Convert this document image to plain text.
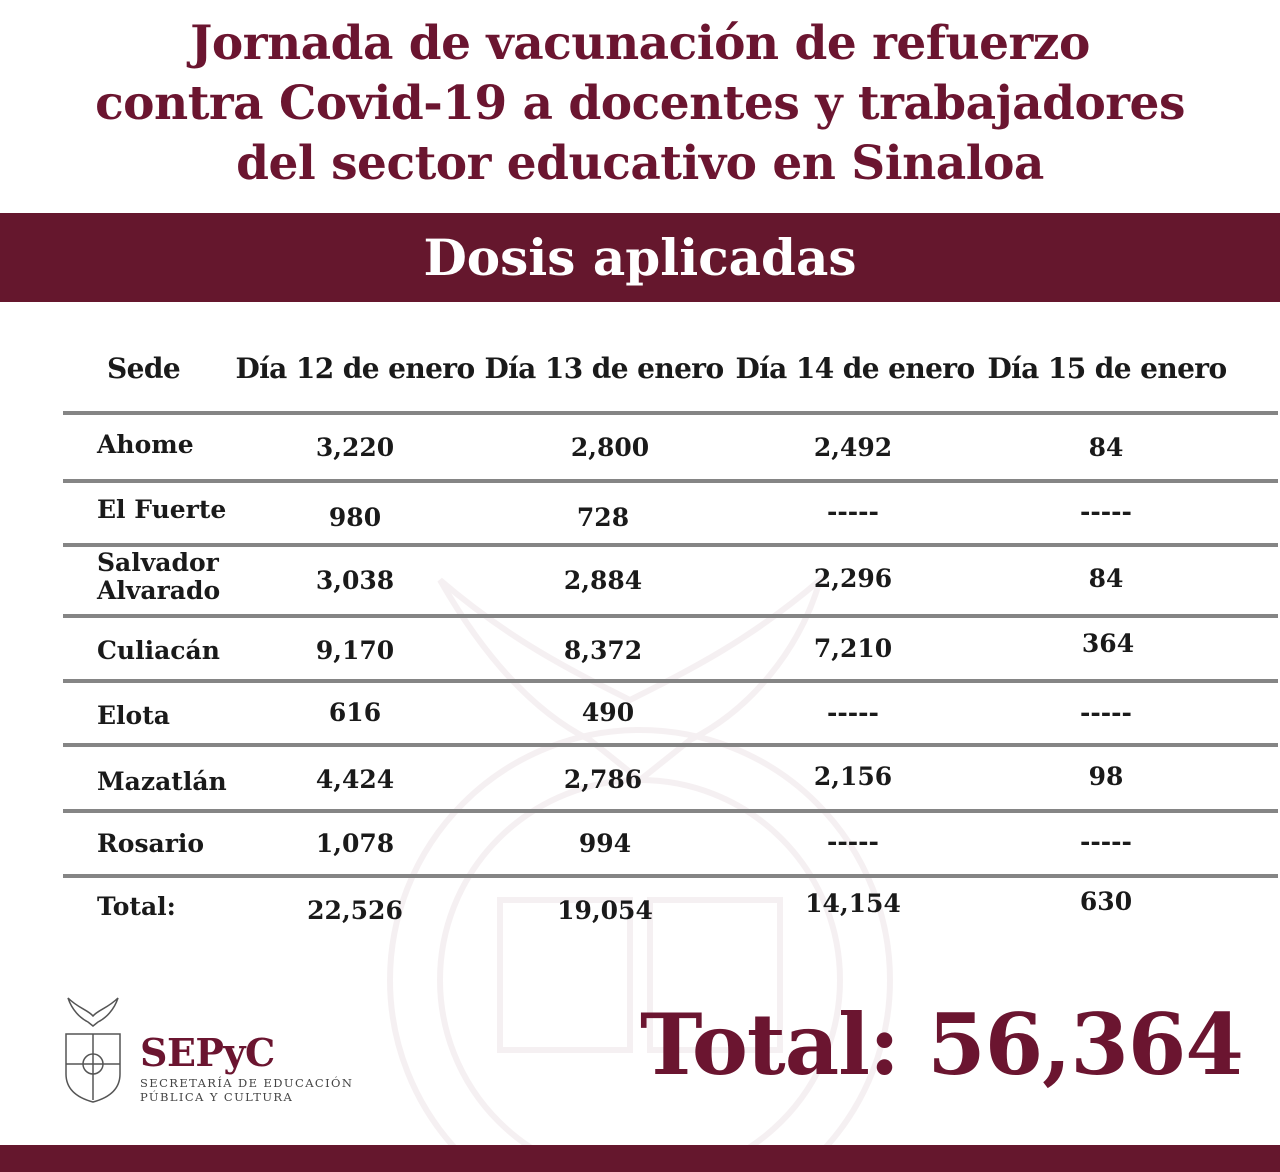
Jornada de vacunación de refuerzo
contra Covid-19 a docentes y trabajadores
del sector educativo en Sinaloa
Dosis aplicadas
Sede Día 12 de enero Día 13 de enero Día 14 de enero Día 15 de enero
Ahome	3,220	2,800	2,492	84
El Fuerte	980	728	-----	-----
Salvador
Alvarado	3,038	2,884	2,296	84
Culiacán	9,170	8,372	7,210	364
Elota	616	490	-----	-----
Mazatlán	4,424	2,786	2,156	98
Rosario	1,078	994	-----	-----
Total:	22,526	19,054	14,154	630
SEPyC
SECRETARÍA DE EDUCACIÓN
PÚBLICA Y CULTURA
Total: 56,364
